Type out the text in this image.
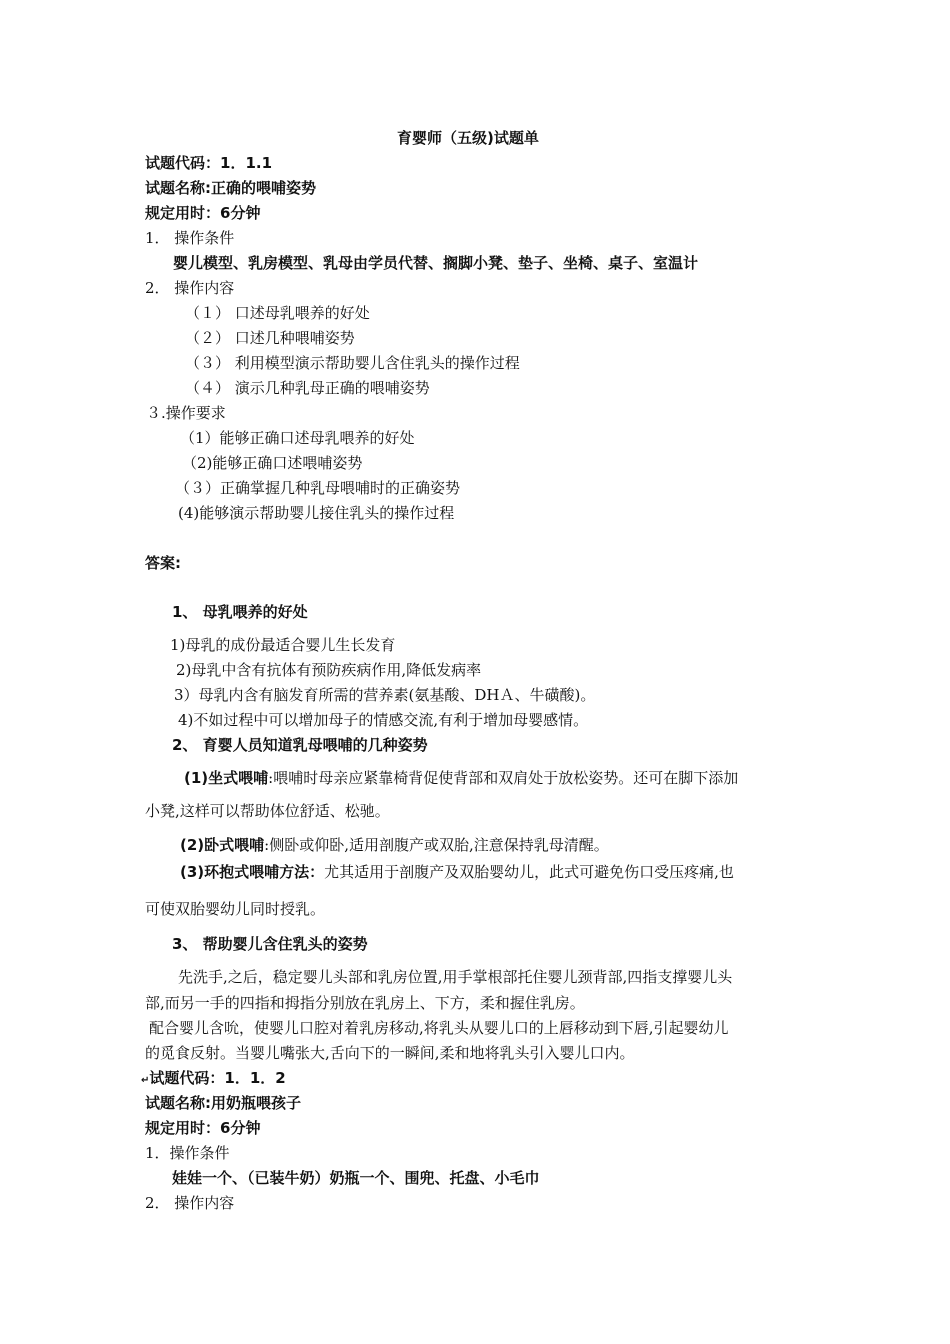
育婴师（五级)试题单
试题代码：1．1.1
试题名称:正确的喂哺姿势
规定用时：6分钟
1． 操作条件
婴儿模型、乳房模型、乳母由学员代替、搁脚小凳、垫子、坐椅、桌子、室温计
2． 操作内容
（１） 口述母乳喂养的好处
（２） 口述几种喂哺姿势
（３） 利用模型演示帮助婴儿含住乳头的操作过程
（４） 演示几种乳母正确的喂哺姿势
３.操作要求
（1）能够正确口述母乳喂养的好处
（2)能够正确口述喂哺姿势
（３）正确掌握几种乳母喂哺时的正确姿势
(4)能够演示帮助婴儿接住乳头的操作过程
答案:
1、 母乳喂养的好处
1)母乳的成份最适合婴儿生长发育
2)母乳中含有抗体有预防疾病作用,降低发病率
3）母乳内含有脑发育所需的营养素(氨基酸、DHＡ、牛磺酸)。
4)不如过程中可以增加母子的情感交流,有利于增加母婴感情。
2、 育婴人员知道乳母喂哺的几种姿势
(1)坐式喂哺:喂哺时母亲应紧靠椅背促使背部和双肩处于放松姿势。还可在脚下添加
小凳,这样可以帮助体位舒适、松驰。
(2)卧式喂哺:侧卧或仰卧,适用剖腹产或双胎,注意保持乳母清醒。
(3)环抱式喂哺方法：尤其适用于剖腹产及双胎婴幼儿，此式可避免伤口受压疼痛,也
可使双胎婴幼儿同时授乳。
3、 帮助婴儿含住乳头的姿势
先洗手,之后，稳定婴儿头部和乳房位置,用手掌根部托住婴儿颈背部,四指支撑婴儿头
部,而另一手的四指和拇指分别放在乳房上、下方，柔和握住乳房。
配合婴儿含吮，使婴儿口腔对着乳房移动,将乳头从婴儿口的上唇移动到下唇,引起婴幼儿
的觅食反射。当婴儿嘴张大,舌向下的一瞬间,柔和地将乳头引入婴儿口内。
↵试题代码：1．1．2
试题名称:用奶瓶喂孩子
规定用时：6分钟
1．操作条件
娃娃一个、（已装牛奶）奶瓶一个、围兜、托盘、小毛巾
2． 操作内容
